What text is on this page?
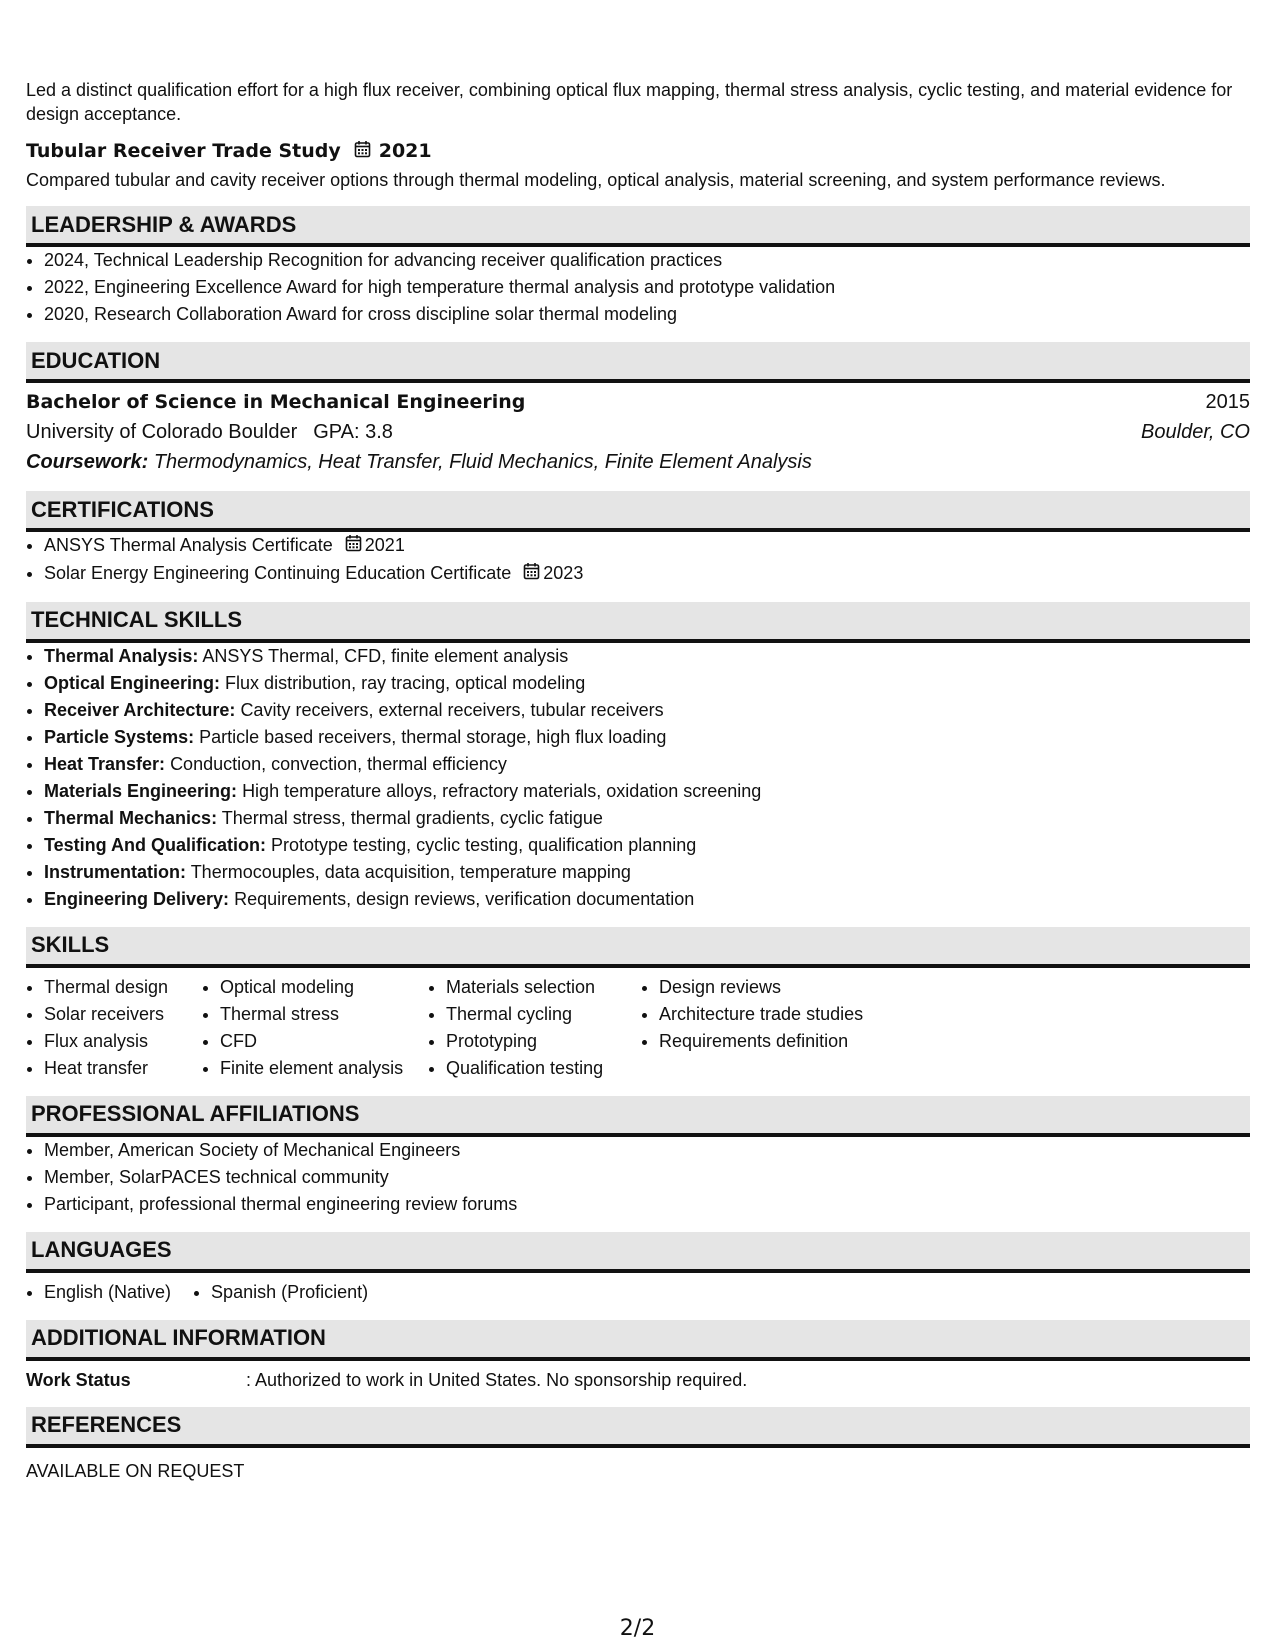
Led a distinct qualification effort for a high flux receiver, combining optical flux mapping, thermal stress analysis, cyclic testing, and material evidence for design acceptance.

Tubular Receiver Trade Study 2021
Compared tubular and cavity receiver options through thermal modeling, optical analysis, material screening, and system performance reviews.
LEADERSHIP & AWARDS
• 2024, Technical Leadership Recognition for advancing receiver qualification practices
• 2022, Engineering Excellence Award for high temperature thermal analysis and prototype validation
• 2020, Research Collaboration Award for cross discipline solar thermal modeling
EDUCATION
Bachelor of Science in Mechanical Engineering	2015
University of Colorado Boulder GPA: 3.8	Boulder, CO
Coursework: Thermodynamics, Heat Transfer, Fluid Mechanics, Finite Element Analysis
CERTIFICATIONS
• ANSYS Thermal Analysis Certificate 2021
• Solar Energy Engineering Continuing Education Certificate 2023
TECHNICAL SKILLS
• Thermal Analysis: ANSYS Thermal, CFD, finite element analysis
• Optical Engineering: Flux distribution, ray tracing, optical modeling
• Receiver Architecture: Cavity receivers, external receivers, tubular receivers
• Particle Systems: Particle based receivers, thermal storage, high flux loading
• Heat Transfer: Conduction, convection, thermal efficiency
• Materials Engineering: High temperature alloys, refractory materials, oxidation screening
• Thermal Mechanics: Thermal stress, thermal gradients, cyclic fatigue
• Testing And Qualification: Prototype testing, cyclic testing, qualification planning
• Instrumentation: Thermocouples, data acquisition, temperature mapping
• Engineering Delivery: Requirements, design reviews, verification documentation
SKILLS
• Thermal design
• Solar receivers
• Flux analysis
• Heat transfer
• Optical modeling
• Thermal stress
• CFD
• Finite element analysis
• Materials selection
• Thermal cycling
• Prototyping
• Qualification testing
• Design reviews
• Architecture trade studies
• Requirements definition
PROFESSIONAL AFFILIATIONS
• Member, American Society of Mechanical Engineers
• Member, SolarPACES technical community
• Participant, professional thermal engineering review forums
LANGUAGES
• English (Native)
• Spanish (Proficient)
ADDITIONAL INFORMATION
Work Status	: Authorized to work in United States. No sponsorship required.
REFERENCES
AVAILABLE ON REQUEST
2/2
